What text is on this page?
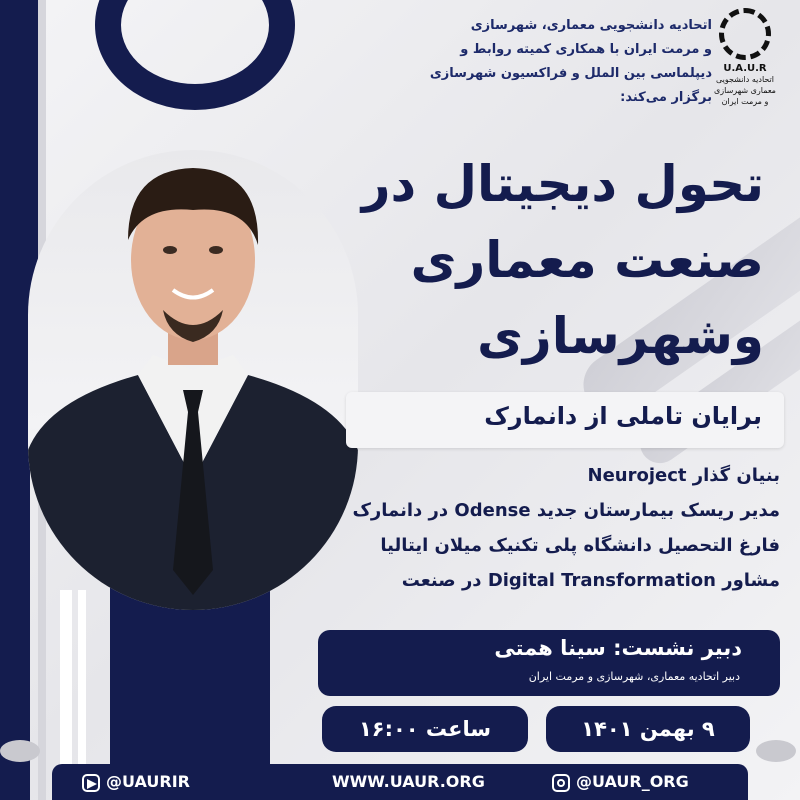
U.A.U.R
اتحادیه دانشجویی
معماری شهرسازی
و مرمت ایران
اتحادیه دانشجویی معماری، شهرسازی
و مرمت ایران با همکاری کمیته روابط و
دیپلماسی بین الملل و فراکسیون شهرسازی
برگزار می‌کند:
تحول دیجیتال در
صنعت معماری
وشهرسازی
برایان تاملی از دانمارک
بنیان گذار Neuroject
مدیر ریسک بیمارستان جدید Odense در دانمارک
فارغ التحصیل دانشگاه پلی تکنیک میلان ایتالیا
مشاور Digital Transformation در صنعت
دبیر نشست: سینا همتی
دبیر اتحادیه معماری، شهرسازی و مرمت ایران
۹ بهمن ۱۴۰۱
ساعت ۱۶:۰۰
@UAURIR	WWW.UAUR.ORG	@UAUR_ORG
